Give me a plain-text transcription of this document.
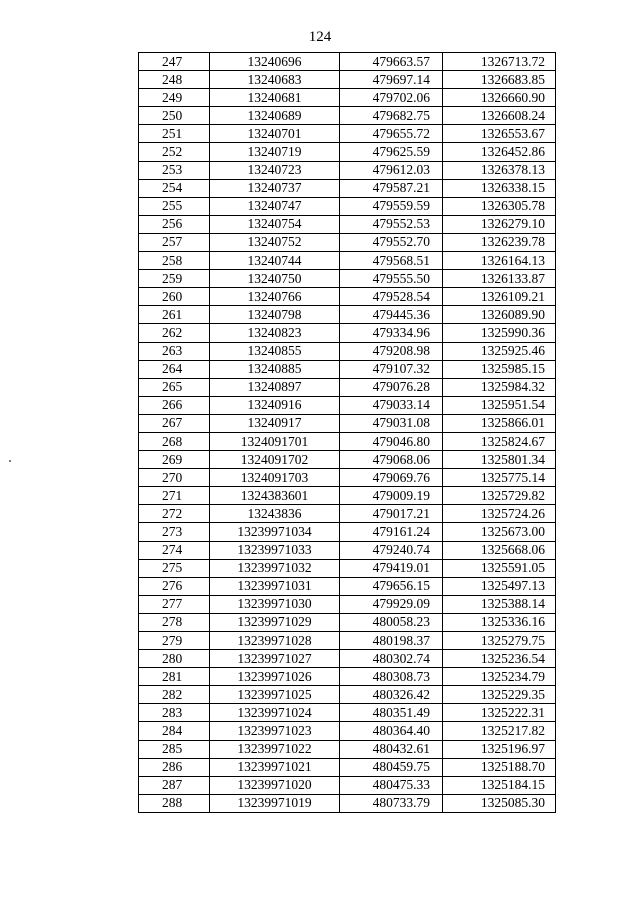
124
247	13240696	479663.57	1326713.72
248	13240683	479697.14	1326683.85
249	13240681	479702.06	1326660.90
250	13240689	479682.75	1326608.24
251	13240701	479655.72	1326553.67
252	13240719	479625.59	1326452.86
253	13240723	479612.03	1326378.13
254	13240737	479587.21	1326338.15
255	13240747	479559.59	1326305.78
256	13240754	479552.53	1326279.10
257	13240752	479552.70	1326239.78
258	13240744	479568.51	1326164.13
259	13240750	479555.50	1326133.87
260	13240766	479528.54	1326109.21
261	13240798	479445.36	1326089.90
262	13240823	479334.96	1325990.36
263	13240855	479208.98	1325925.46
264	13240885	479107.32	1325985.15
265	13240897	479076.28	1325984.32
266	13240916	479033.14	1325951.54
267	13240917	479031.08	1325866.01
268	1324091701	479046.80	1325824.67
269	1324091702	479068.06	1325801.34
270	1324091703	479069.76	1325775.14
271	1324383601	479009.19	1325729.82
272	13243836	479017.21	1325724.26
273	13239971034	479161.24	1325673.00
274	13239971033	479240.74	1325668.06
275	13239971032	479419.01	1325591.05
276	13239971031	479656.15	1325497.13
277	13239971030	479929.09	1325388.14
278	13239971029	480058.23	1325336.16
279	13239971028	480198.37	1325279.75
280	13239971027	480302.74	1325236.54
281	13239971026	480308.73	1325234.79
282	13239971025	480326.42	1325229.35
283	13239971024	480351.49	1325222.31
284	13239971023	480364.40	1325217.82
285	13239971022	480432.61	1325196.97
286	13239971021	480459.75	1325188.70
287	13239971020	480475.33	1325184.15
288	13239971019	480733.79	1325085.30
